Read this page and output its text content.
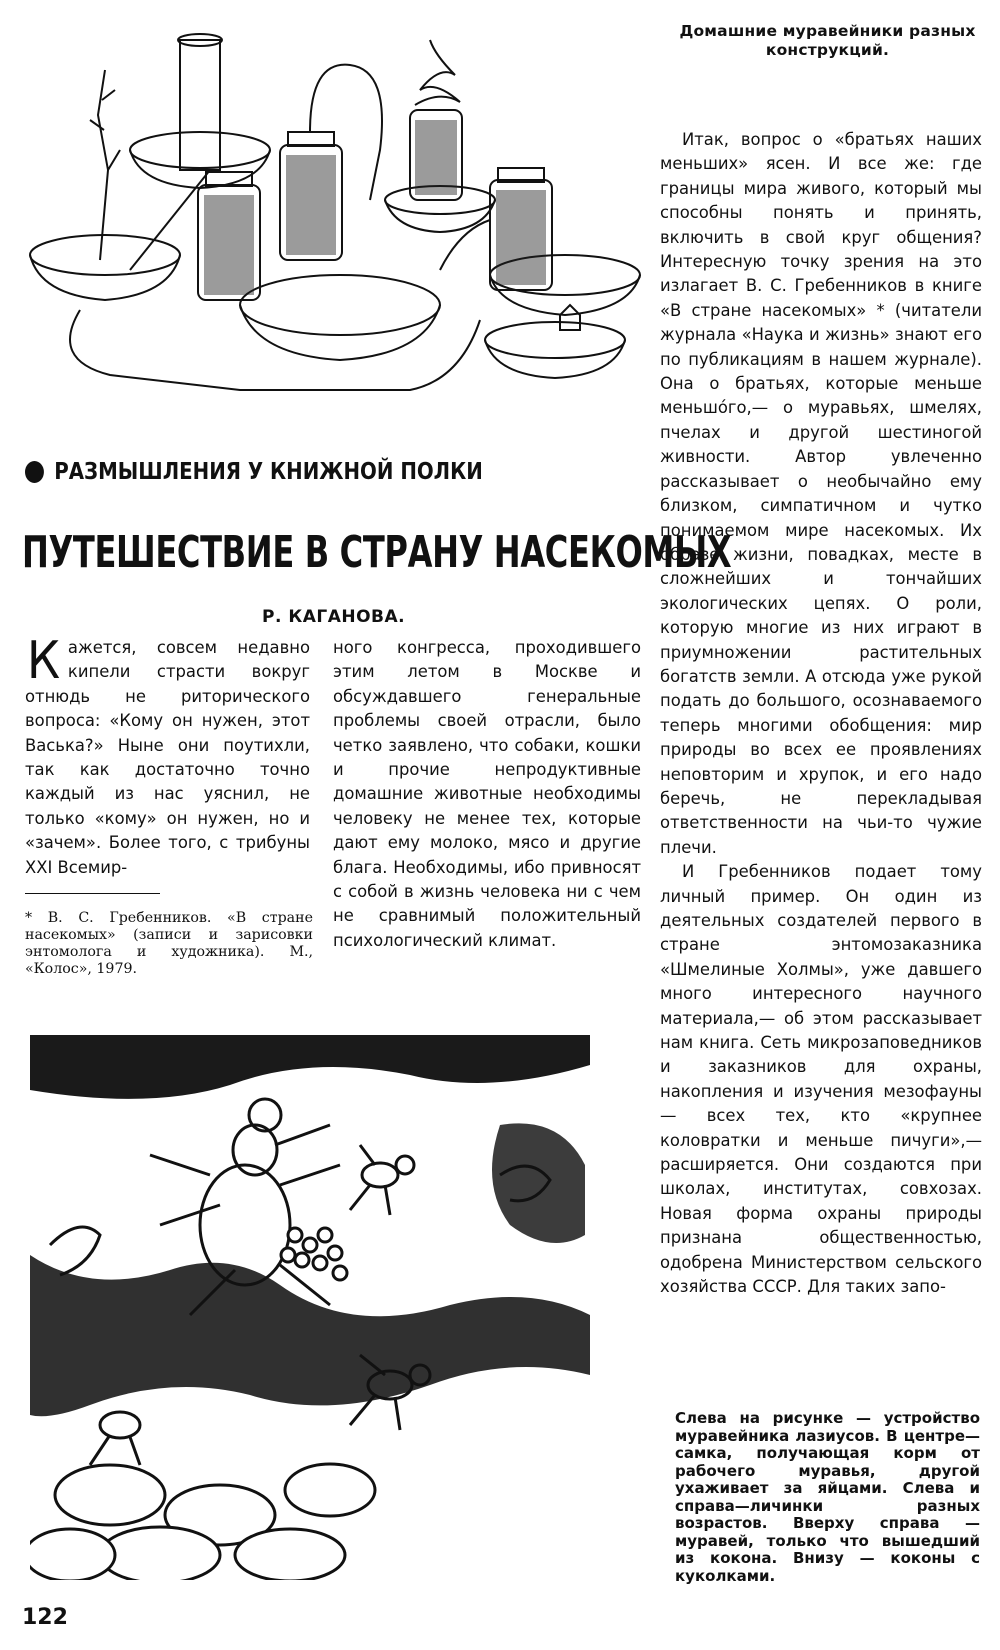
Домашние муравейники разных конструкций.
РАЗМЫШЛЕНИЯ У КНИЖНОЙ ПОЛКИ
ПУТЕШЕСТВИЕ В СТРАНУ НАСЕКОМЫХ
Р. КАГАНОВА.

К ажется, совсем недавно кипели страсти вокруг отнюдь не риторического вопроса: «Кому он нужен, этот Васька?» Ныне они поутихли, так как достаточно точно каждый из нас уяснил, не только «кому» он нужен, но и «зачем». Более того, с трибуны XXI Всемир-

ного конгресса, проходившего этим летом в Москве и обсуждавшего генеральные проблемы своей отрасли, было четко заявлено, что собаки, кошки и прочие непродуктивные домашние животные необходимы человеку не менее тех, которые дают ему молоко, мясо и другие блага. Необходимы, ибо привносят с собой в жизнь человека ни с чем не сравнимый положительный психологический климат.

Итак, вопрос о «братьях наших меньших» ясен. И все же: где границы мира живого, который мы способны понять и принять, включить в свой круг общения? Интересную точку зрения на это излагает В. С. Гребенников в книге «В стране насекомых» * (читатели журнала «Наука и жизнь» знают его по публикациям в нашем журнале). Она о братьях, которые меньше меньшóго,— о муравьях, шмелях, пчелах и другой шестиногой живности. Автор увлеченно рассказывает о необычайно ему близком, симпатичном и чутко понимаемом мире насекомых. Их образе жизни, повадках, месте в сложнейших и тончайших экологических цепях. О роли, которую многие из них играют в приумножении растительных богатств земли. А отсюда уже рукой подать до большого, осознаваемого теперь многими обобщения: мир природы во всех ее проявлениях неповторим и хрупок, и его надо беречь, не перекладывая ответственности на чьи-то чужие плечи.

И Гребенников подает тому личный пример. Он один из деятельных создателей первого в стране энтомозаказника «Шмелиные Холмы», уже давшего много интересного научного материала,— об этом рассказывает нам книга. Сеть микрозаповедников и заказников для охраны, накопления и изучения мезофауны — всех тех, кто «крупнее коловратки и меньше пичуги»,— расширяется. Они создаются при школах, институтах, совхозах. Новая форма охраны природы признана общественностью, одобрена Министерством сельского хозяйства СССР. Для таких запо-

* В. С. Гребенников. «В стране насекомых» (записи и зарисовки энтомолога и художника). М., «Колос», 1979.
Слева на рисунке — устройство муравейника лазиусов. В центре—самка, получающая корм от рабочего муравья, другой ухаживает за яйцами. Слева и справа—личинки разных возрастов. Вверху справа — муравей, только что вышедший из кокона. Внизу — коконы с куколками.
122
